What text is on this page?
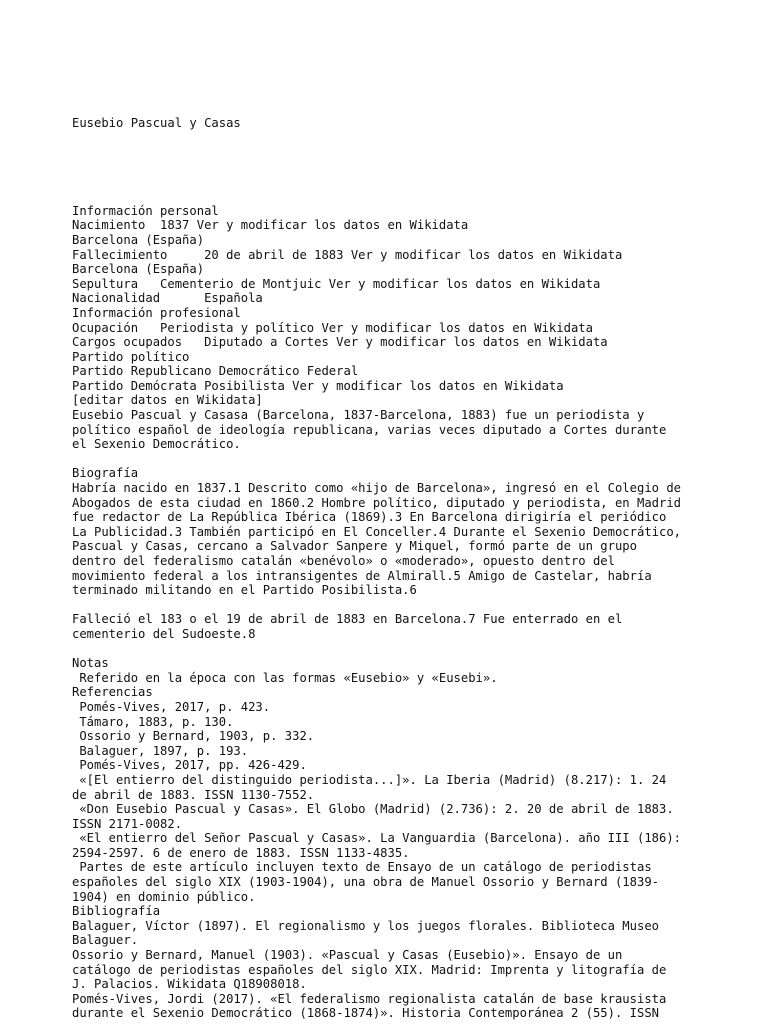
Eusebio Pascual y Casas

Información personal
Nacimiento  1837 Ver y modificar los datos en Wikidata
Barcelona (España)
Fallecimiento     20 de abril de 1883 Ver y modificar los datos en Wikidata
Barcelona (España)
Sepultura   Cementerio de Montjuic Ver y modificar los datos en Wikidata
Nacionalidad      Española
Información profesional
Ocupación   Periodista y político Ver y modificar los datos en Wikidata
Cargos ocupados   Diputado a Cortes Ver y modificar los datos en Wikidata
Partido político
Partido Republicano Democrático Federal
Partido Demócrata Posibilista Ver y modificar los datos en Wikidata
[editar datos en Wikidata]
Eusebio Pascual y Casasa (Barcelona, 1837-Barcelona, 1883) fue un periodista y
político español de ideología republicana, varias veces diputado a Cortes durante
el Sexenio Democrático.
Biografía
Habría nacido en 1837.1 Descrito como «hijo de Barcelona», ingresó en el Colegio de
Abogados de esta ciudad en 1860.2 Hombre político, diputado y periodista, en Madrid
fue redactor de La República Ibérica (1869).3 En Barcelona dirigiría el periódico
La Publicidad.3 También participó en El Conceller.4 Durante el Sexenio Democrático,
Pascual y Casas, cercano a Salvador Sanpere y Miquel, formó parte de un grupo
dentro del federalismo catalán «benévolo» o «moderado», opuesto dentro del
movimiento federal a los intransigentes de Almirall.5 Amigo de Castelar, habría
terminado militando en el Partido Posibilista.6
Falleció el 183 o el 19 de abril de 1883 en Barcelona.7 Fue enterrado en el
cementerio del Sudoeste.8
Notas
Referido en la época con las formas «Eusebio» y «Eusebi».
Referencias
Pomés-Vives, 2017, p. 423.
Támaro, 1883, p. 130.
Ossorio y Bernard, 1903, p. 332.
Balaguer, 1897, p. 193.
Pomés-Vives, 2017, pp. 426-429.
«[El entierro del distinguido periodista...]». La Iberia (Madrid) (8.217): 1. 24
de abril de 1883. ISSN 1130-7552.
«Don Eusebio Pascual y Casas». El Globo (Madrid) (2.736): 2. 20 de abril de 1883.
ISSN 2171-0082.
«El entierro del Señor Pascual y Casas». La Vanguardia (Barcelona). año III (186):
2594-2597. 6 de enero de 1883. ISSN 1133-4835.
Partes de este artículo incluyen texto de Ensayo de un catálogo de periodistas
españoles del siglo XIX (1903-1904), una obra de Manuel Ossorio y Bernard (1839-
1904) en dominio público.
Bibliografía
Balaguer, Víctor (1897). El regionalismo y los juegos florales. Biblioteca Museo
Balaguer.
Ossorio y Bernard, Manuel (1903). «Pascual y Casas (Eusebio)». Ensayo de un
catálogo de periodistas españoles del siglo XIX. Madrid: Imprenta y litografía de
J. Palacios. Wikidata Q18908018.
Pomés-Vives, Jordi (2017). «El federalismo regionalista catalán de base krausista
durante el Sexenio Democrático (1868-1874)». Historia Contemporánea 2 (55). ISSN
